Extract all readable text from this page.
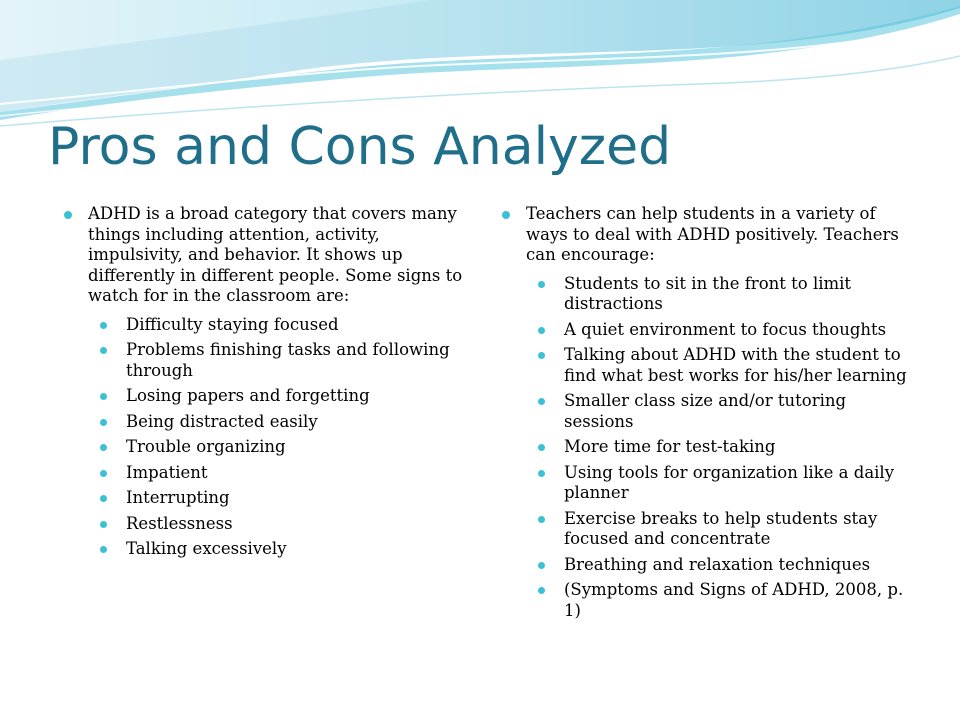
Pros and Cons Analyzed
ADHD is a broad category that covers many things including attention, activity, impulsivity, and behavior. It shows up differently in different people. Some signs to watch for in the classroom are:
Difficulty staying focused
Problems finishing tasks and following through
Losing papers and forgetting
Being distracted easily
Trouble organizing
Impatient
Interrupting
Restlessness
Talking excessively
Teachers can help students in a variety of ways to deal with ADHD positively. Teachers can encourage:
Students to sit in the front to limit distractions
A quiet environment to focus thoughts
Talking about ADHD with the student to find what best works for his/her learning
Smaller class size and/or tutoring sessions
More time for test-taking
Using tools for organization like a daily planner
Exercise breaks to help students stay focused and concentrate
Breathing and relaxation techniques
(Symptoms and Signs of ADHD, 2008, p. 1)
